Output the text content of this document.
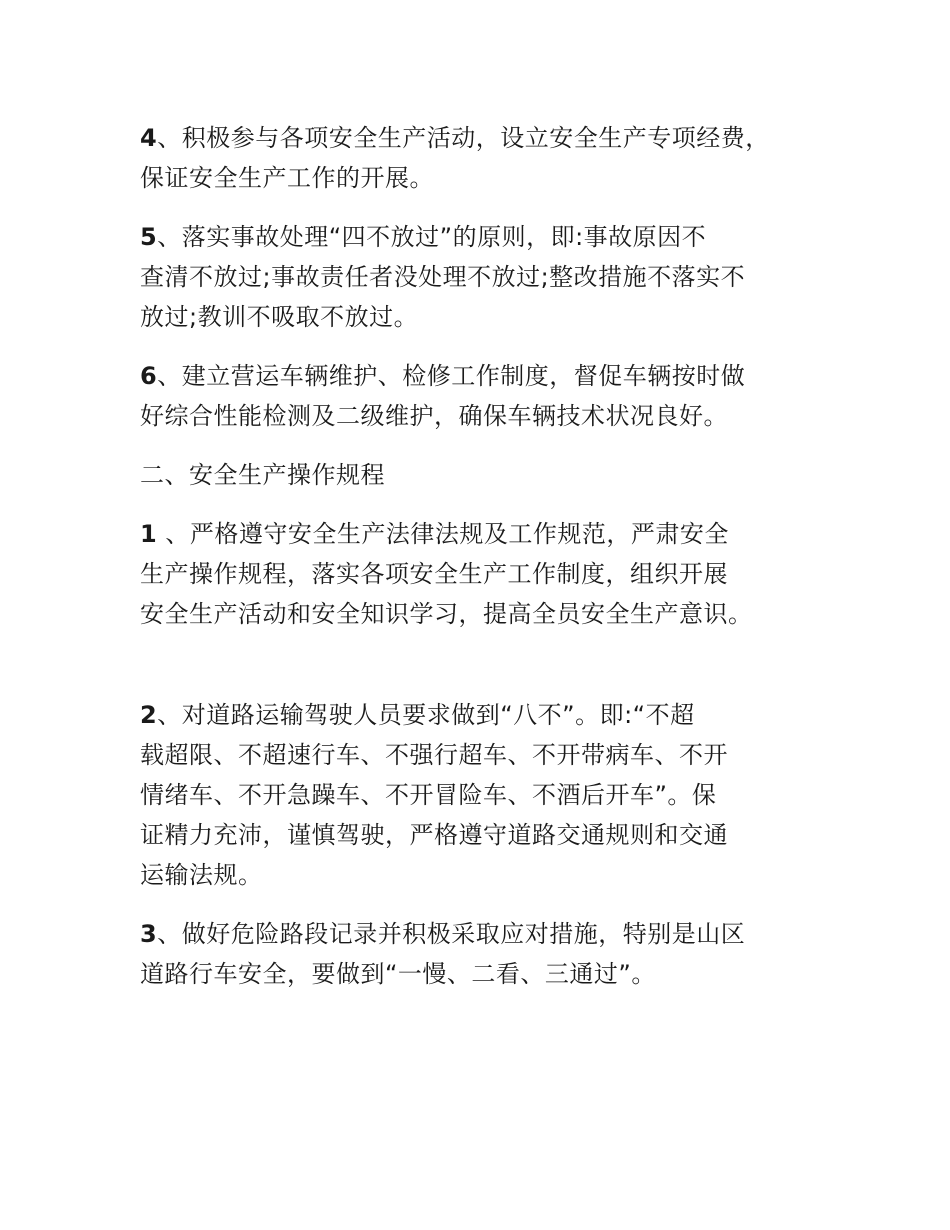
4、积极参与各项安全生产活动，设立安全生产专项经费，
保证安全生产工作的开展。

5、落实事故处理“四不放过”的原则，即:事故原因不
查清不放过;事故责任者没处理不放过;整改措施不落实不
放过;教训不吸取不放过。

6、建立营运车辆维护、检修工作制度，督促车辆按时做
好综合性能检测及二级维护，确保车辆技术状况良好。

二、安全生产操作规程

1 、严格遵守安全生产法律法规及工作规范，严肃安全
生产操作规程，落实各项安全生产工作制度，组织开展
安全生产活动和安全知识学习，提高全员安全生产意识。

2、对道路运输驾驶人员要求做到“八不”。即:“不超
载超限、不超速行车、不强行超车、不开带病车、不开
情绪车、不开急躁车、不开冒险车、不酒后开车”。保
证精力充沛，谨慎驾驶，严格遵守道路交通规则和交通
运输法规。

3、做好危险路段记录并积极采取应对措施，特别是山区
道路行车安全，要做到“一慢、二看、三通过”。
